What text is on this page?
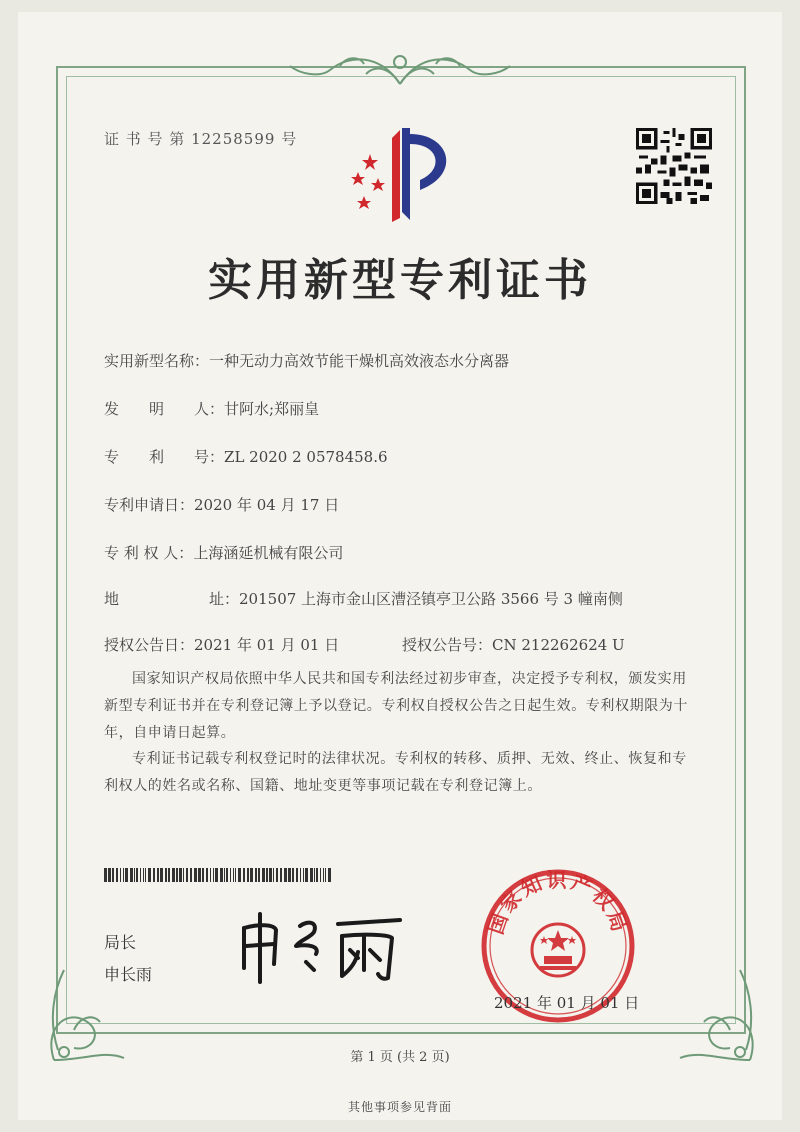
证 书 号 第 12258599 号
实用新型专利证书
实用新型名称：一种无动力高效节能干燥机高效液态水分离器
发　　明　　人：甘阿水;郑丽皇
专　　利　　号：ZL 2020 2 0578458.6
专利申请日：2020 年 04 月 17 日
专 利 权 人：上海涵延机械有限公司
地　　　　　　址：201507 上海市金山区漕泾镇亭卫公路 3566 号 3 幢南侧
授权公告日：2021 年 01 月 01 日	授权公告号：CN 212262624 U
国家知识产权局依照中华人民共和国专利法经过初步审查，决定授予专利权，颁发实用新型专利证书并在专利登记簿上予以登记。专利权自授权公告之日起生效。专利权期限为十年，自申请日起算。
专利证书记载专利权登记时的法律状况。专利权的转移、质押、无效、终止、恢复和专利权人的姓名或名称、国籍、地址变更等事项记载在专利登记簿上。
局长
申长雨
国家知识产权局
2021 年 01 月 01 日
第 1 页 (共 2 页)
其他事项参见背面
